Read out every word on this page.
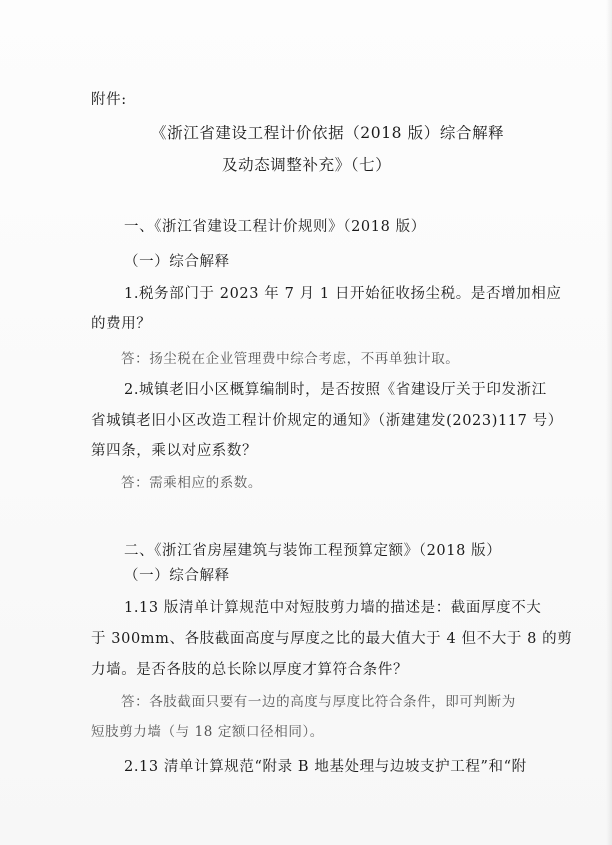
附件:
《浙江省建设工程计价依据（2018 版）综合解释
及动态调整补充》（七）
一、《浙江省建设工程计价规则》（2018 版）
（一）综合解释
1.税务部门于 2023 年 7 月 1 日开始征收扬尘税。是否增加相应
的费用？
答：扬尘税在企业管理费中综合考虑，不再单独计取。
2.城镇老旧小区概算编制时，是否按照《省建设厅关于印发浙江
省城镇老旧小区改造工程计价规定的通知》（浙建建发(2023)117 号）
第四条，乘以对应系数？
答：需乘相应的系数。
二、《浙江省房屋建筑与装饰工程预算定额》（2018 版）
（一）综合解释
1.13 版清单计算规范中对短肢剪力墙的描述是：截面厚度不大
于 300mm、各肢截面高度与厚度之比的最大值大于 4 但不大于 8 的剪
力墙。是否各肢的总长除以厚度才算符合条件？
答：各肢截面只要有一边的高度与厚度比符合条件，即可判断为
短肢剪力墙（与 18 定额口径相同）。
2.13 清单计算规范“附录 B 地基处理与边坡支护工程”和“附
